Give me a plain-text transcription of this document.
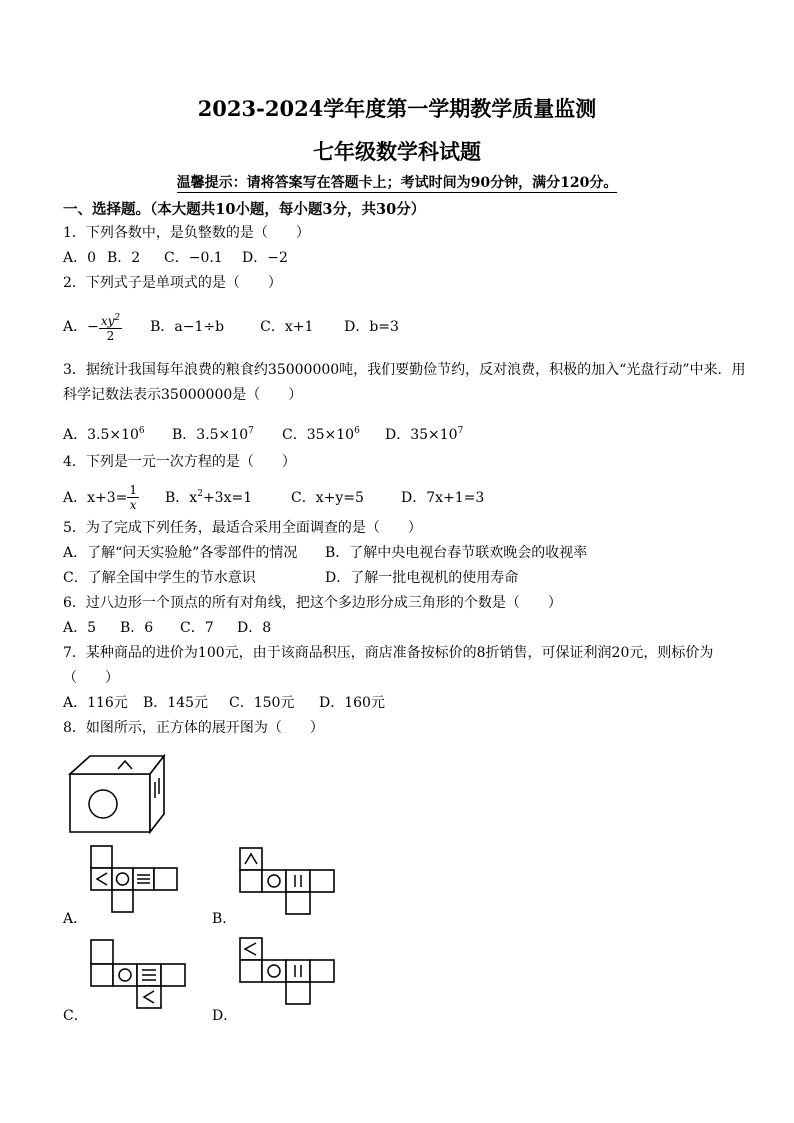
2023-2024学年度第一学期教学质量监测
七年级数学科试题
温馨提示：请将答案写在答题卡上；考试时间为90分钟，满分120分。
一、选择题。（本大题共10小题，每小题3分，共30分）
1．下列各数中，是负整数的是（　　）
A．0 B．2 C．−0.1 D．−2
2．下列式子是单项式的是（　　）
A．− $\frac{xy2}{2}$ B．a−1÷b	C．x+1 D．b=3
3．据统计我国每年浪费的粮食约35000000吨，我们要勤俭节约，反对浪费，积极的加入“光盘行动”中来．用
科学记数法表示35000000是（　　）
A．3.5×106 B．3.5×107 C．35×106 D．35×107
4．下列是一元一次方程的是（　　）
A．$x+3= \frac{1}{x}$ B．x2+3x=1	C．x+y=5	D．7x+1=3
5．为了完成下列任务，最适合采用全面调查的是（　　）
A．了解“问天实验舱”各零部件的情况 B．了解中央电视台春节联欢晚会的收视率
C．了解全国中学生的节水意识	D．了解一批电视机的使用寿命
6．过八边形一个顶点的所有对角线，把这个多边形分成三角形的个数是（　　）
A．5 B．6 C．7 D．8
7．某种商品的进价为100元，由于该商品积压，商店准备按标价的8折销售，可保证利润20元，则标价为
（　　）
A．116元 B．145元 C．150元 D．160元
8．如图所示，正方体的展开图为（　　）
A．	B．
C．	D．
